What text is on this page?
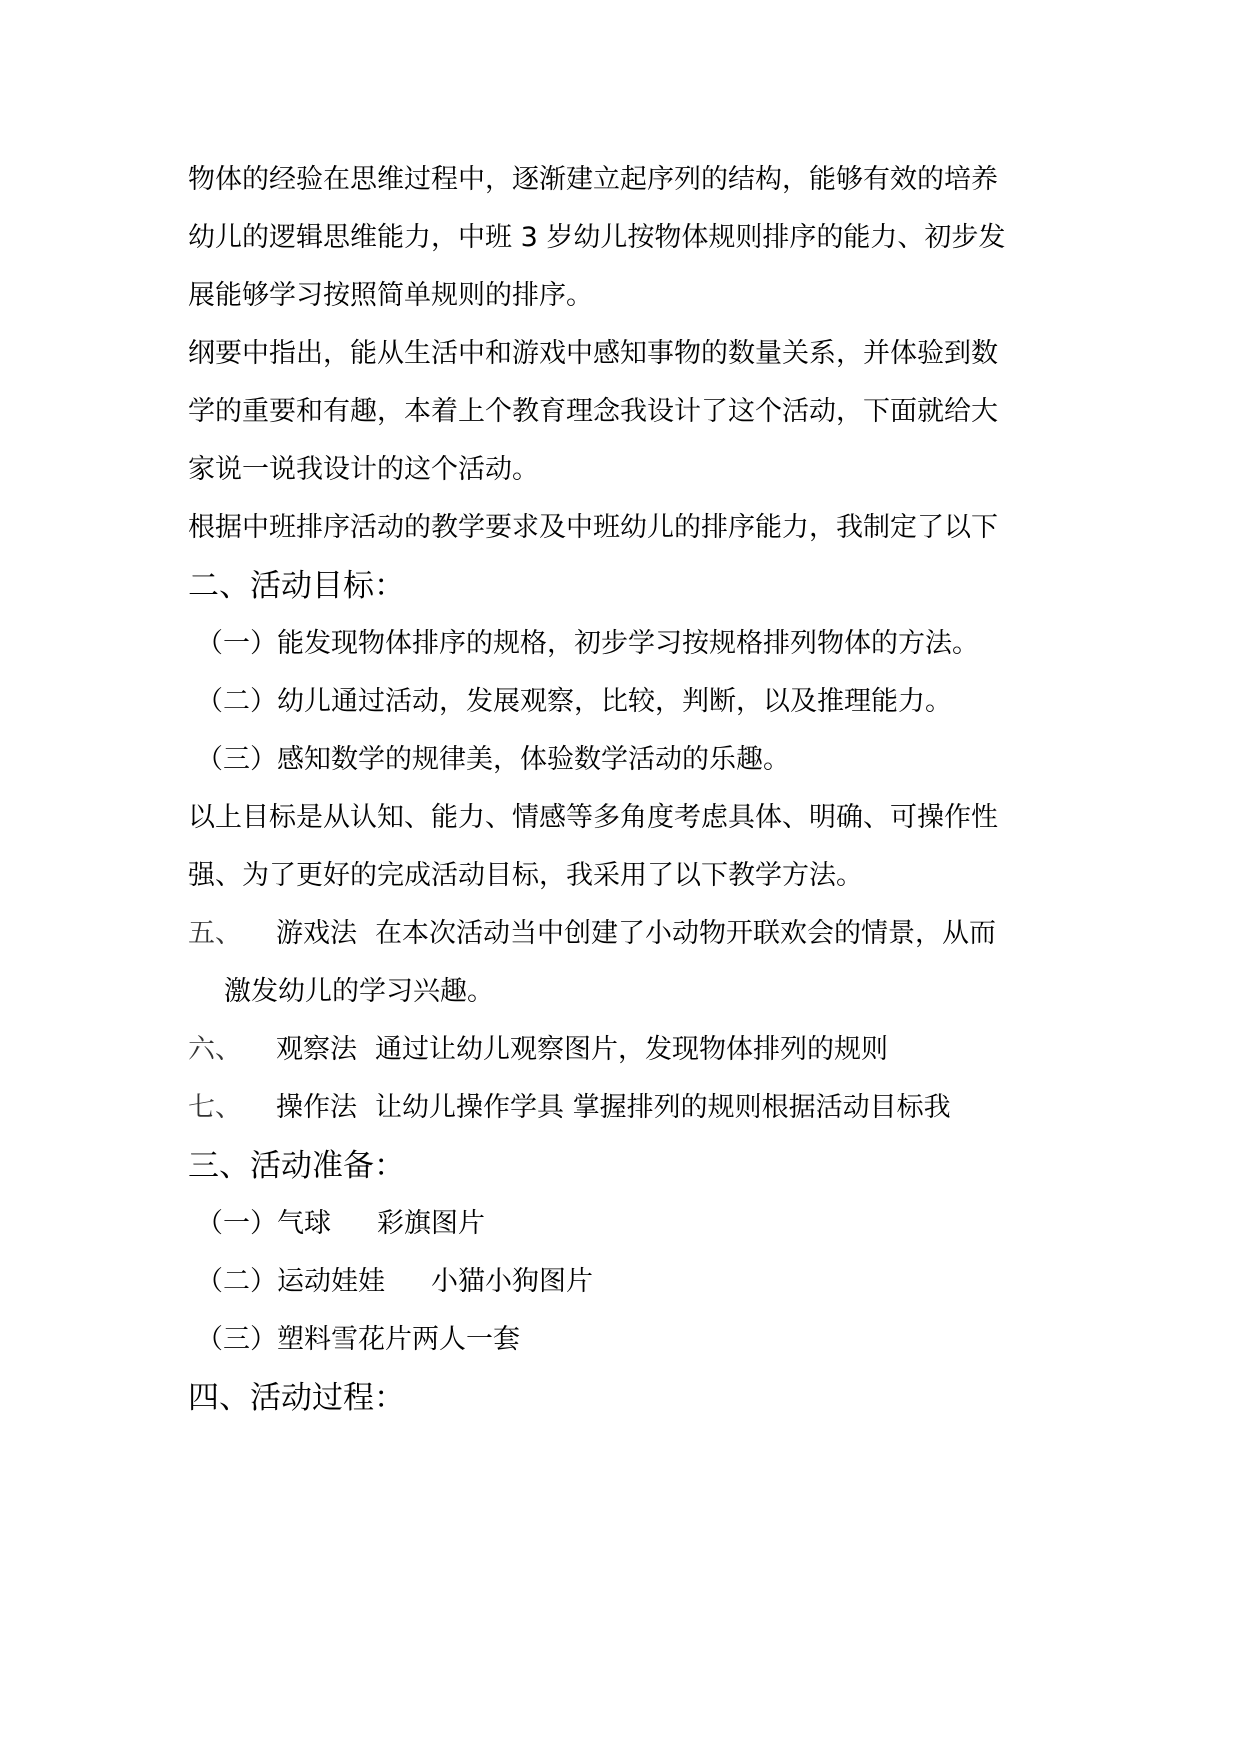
物体的经验在思维过程中，逐渐建立起序列的结构，能够有效的培养
幼儿的逻辑思维能力，中班 3 岁幼儿按物体规则排序的能力、初步发
展能够学习按照简单规则的排序。
纲要中指出，能从生活中和游戏中感知事物的数量关系，并体验到数
学的重要和有趣，本着上个教育理念我设计了这个活动，下面就给大
家说一说我设计的这个活动。
根据中班排序活动的教学要求及中班幼儿的排序能力，我制定了以下
二、活动目标：
（一）能发现物体排序的规格，初步学习按规格排列物体的方法。
（二）幼儿通过活动，发展观察，比较，判断，以及推理能力。
（三）感知数学的规律美，体验数学活动的乐趣。
以上目标是从认知、能力、情感等多角度考虑具体、明确、可操作性
强、为了更好的完成活动目标，我采用了以下教学方法。
五、 游戏法 在本次活动当中创建了小动物开联欢会的情景，从而
激发幼儿的学习兴趣。
六、 观察法 通过让幼儿观察图片，发现物体排列的规则
七、 操作法 让幼儿操作学具 掌握排列的规则根据活动目标我
三、活动准备：
（一）气球 彩旗图片
（二）运动娃娃 小猫小狗图片
（三）塑料雪花片两人一套
四、活动过程：
